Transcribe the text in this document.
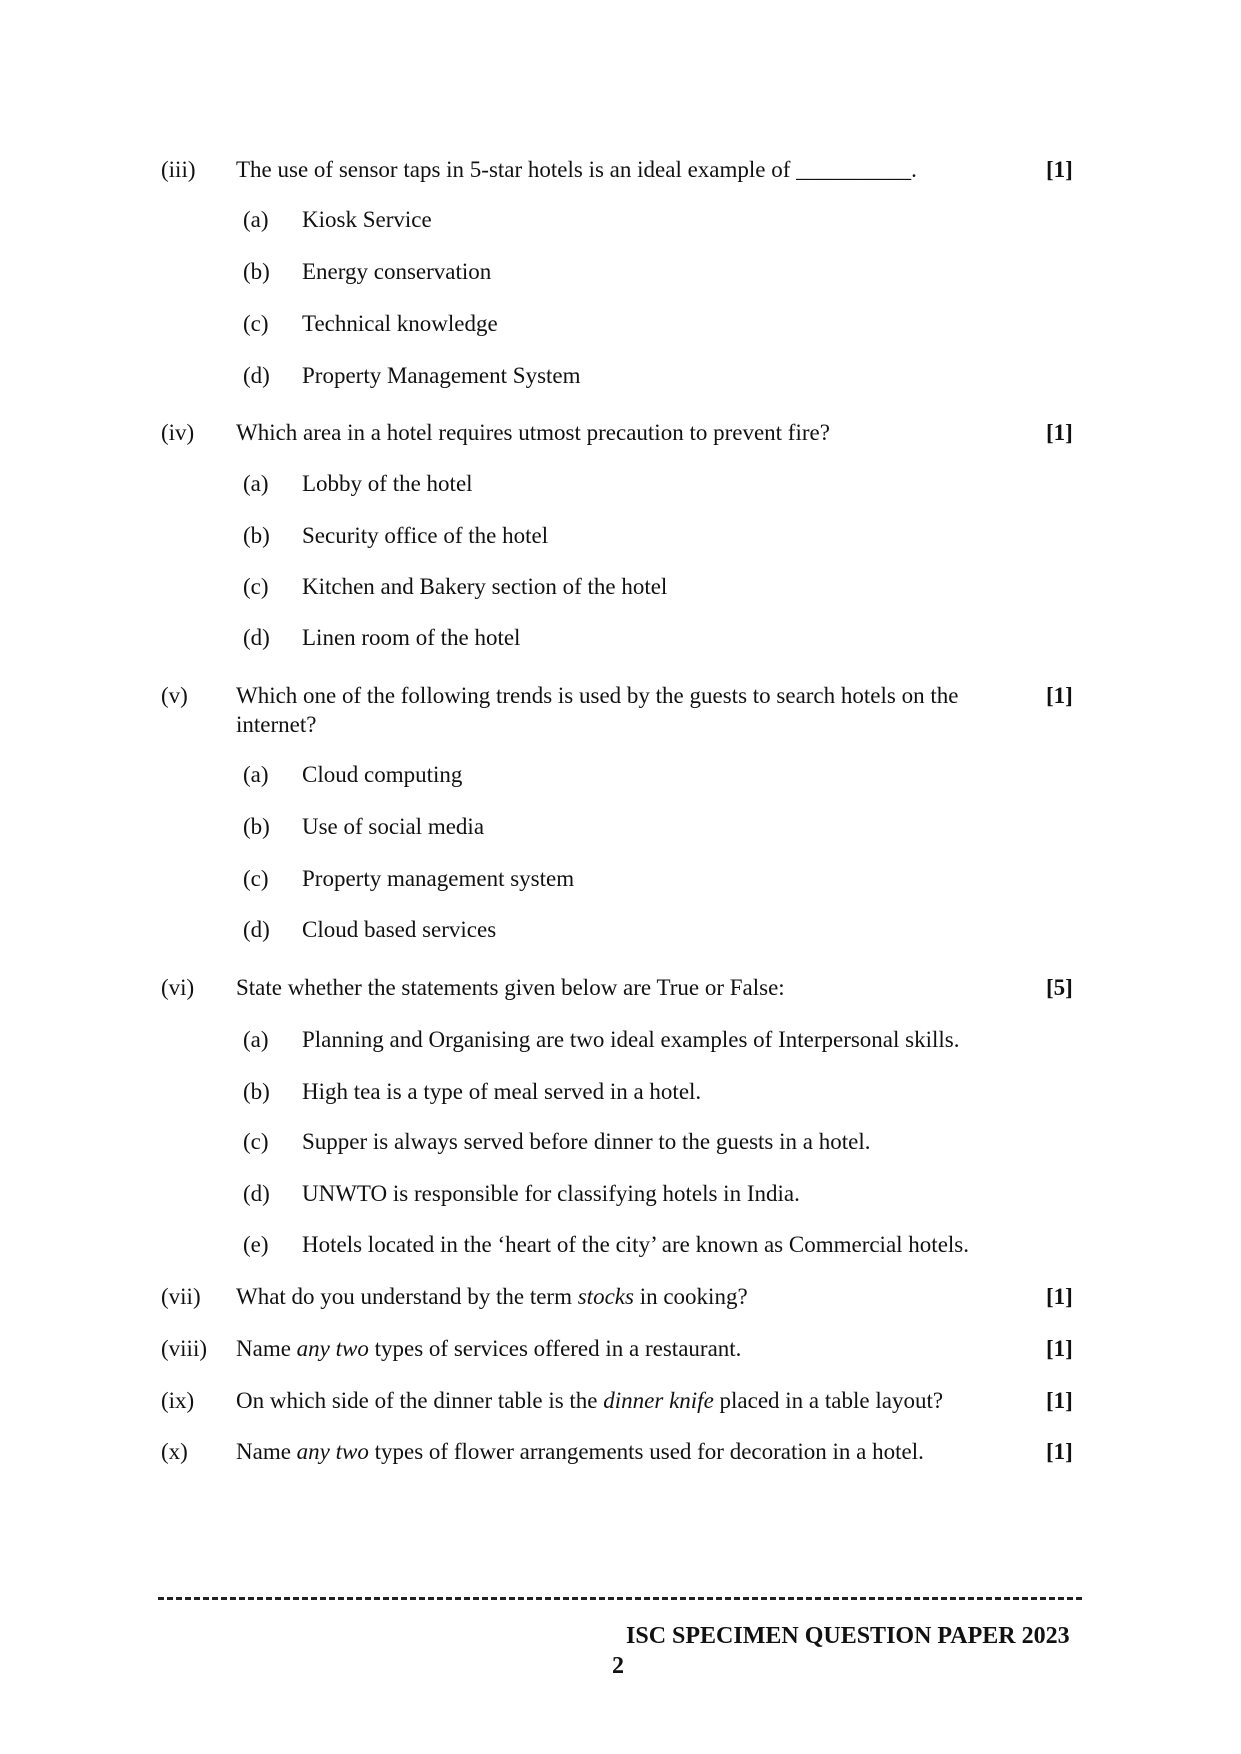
(iii) The use of sensor taps in 5-star hotels is an ideal example of __________.	[1]
(a) Kiosk Service
(b) Energy conservation
(c) Technical knowledge
(d) Property Management System
(iv) Which area in a hotel requires utmost precaution to prevent fire?	[1]
(a) Lobby of the hotel
(b) Security office of the hotel
(c) Kitchen and Bakery section of the hotel
(d) Linen room of the hotel
(v) Which one of the following trends is used by the guests to search hotels on the internet?
[1]
(a) Cloud computing
(b) Use of social media
(c) Property management system
(d) Cloud based services
(vi) State whether the statements given below are True or False:	[5]
(a) Planning and Organising are two ideal examples of Interpersonal skills.
(b) High tea is a type of meal served in a hotel.
(c) Supper is always served before dinner to the guests in a hotel.
(d) UNWTO is responsible for classifying hotels in India.
(e) Hotels located in the ‘heart of the city’ are known as Commercial hotels.
(vii) What do you understand by the term stocks in cooking?	[1]
(viii) Name any two types of services offered in a restaurant.	[1]
(ix) On which side of the dinner table is the dinner knife placed in a table layout?	[1]
(x) Name any two types of flower arrangements used for decoration in a hotel.	[1]
ISC SPECIMEN QUESTION PAPER 2023
2
